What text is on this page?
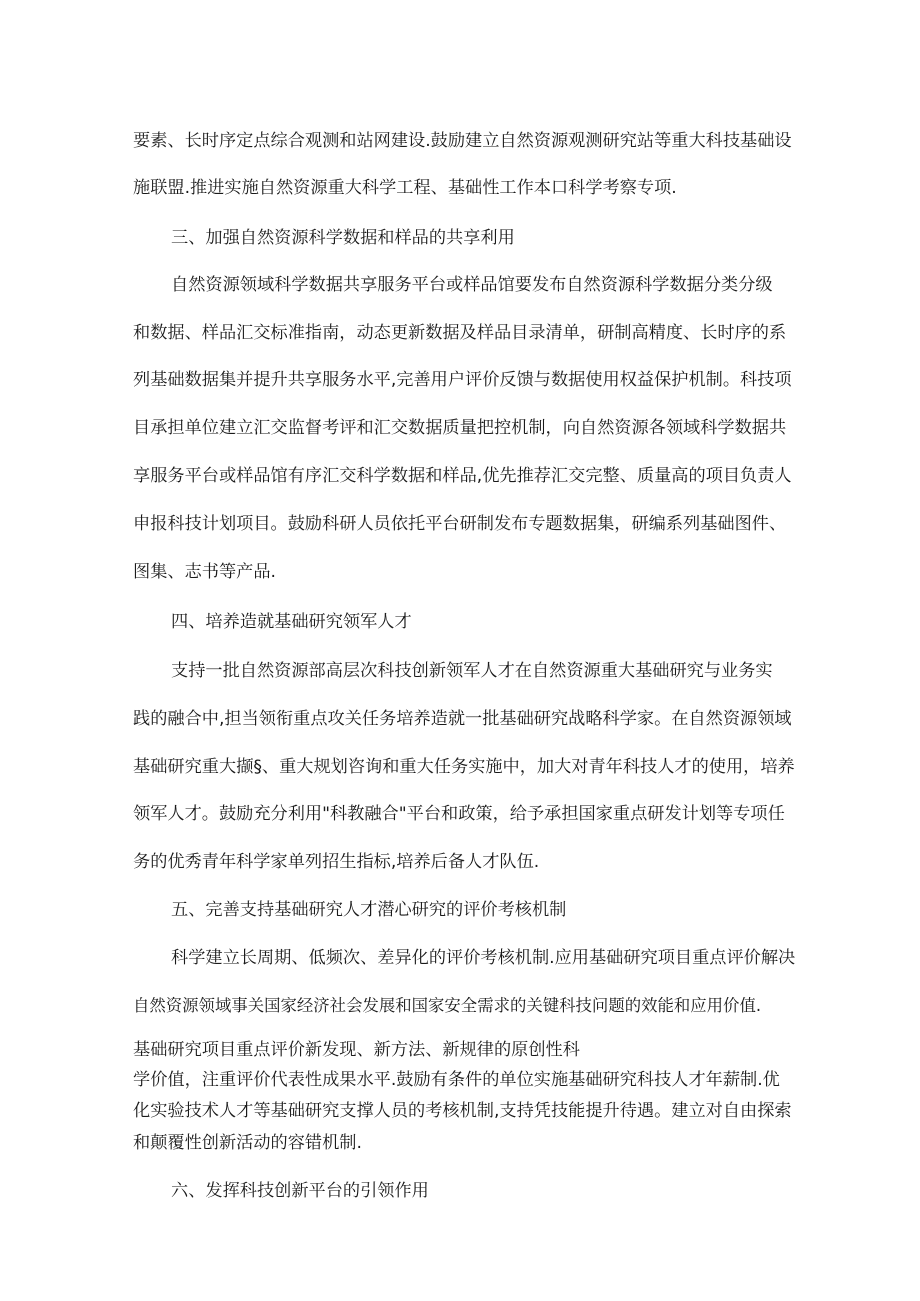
要素、长时序定点综合观测和站网建设.鼓励建立自然资源观测研究站等重大科技基础设
施联盟.推进实施自然资源重大科学工程、基础性工作本口科学考察专项.
三、加强自然资源科学数据和样品的共享利用
自然资源领域科学数据共享服务平台或样品馆要发布自然资源科学数据分类分级
和数据、样品汇交标准指南，动态更新数据及样品目录清单，研制高精度、长时序的系
列基础数据集并提升共享服务水平,完善用户评价反馈与数据使用权益保护机制。科技项
目承担单位建立汇交监督考评和汇交数据质量把控机制，向自然资源各领域科学数据共
享服务平台或样品馆有序汇交科学数据和样品,优先推荐汇交完整、质量高的项目负责人
申报科技计划项目。鼓励科研人员依托平台研制发布专题数据集，研编系列基础图件、
图集、志书等产品.
四、培养造就基础研究领军人才
支持一批自然资源部高层次科技创新领军人才在自然资源重大基础研究与业务实
践的融合中,担当领衔重点攻关任务培养造就一批基础研究战略科学家。在自然资源领域
基础研究重大撷§、重大规划咨询和重大任务实施中，加大对青年科技人才的使用，培养
领军人才。鼓励充分利用"科教融合"平台和政策，给予承担国家重点研发计划等专项任
务的优秀青年科学家单列招生指标,培养后备人才队伍.
五、完善支持基础研究人才潜心研究的评价考核机制
科学建立长周期、低频次、差异化的评价考核机制.应用基础研究项目重点评价解决
自然资源领域事关国家经济社会发展和国家安全需求的关键科技问题的效能和应用价值.
基础研究项目重点评价新发现、新方法、新规律的原创性科
学价值，注重评价代表性成果水平.鼓励有条件的单位实施基础研究科技人才年薪制.优
化实验技术人才等基础研究支撑人员的考核机制,支持凭技能提升待遇。建立对自由探索
和颠覆性创新活动的容错机制.
六、发挥科技创新平台的引领作用
